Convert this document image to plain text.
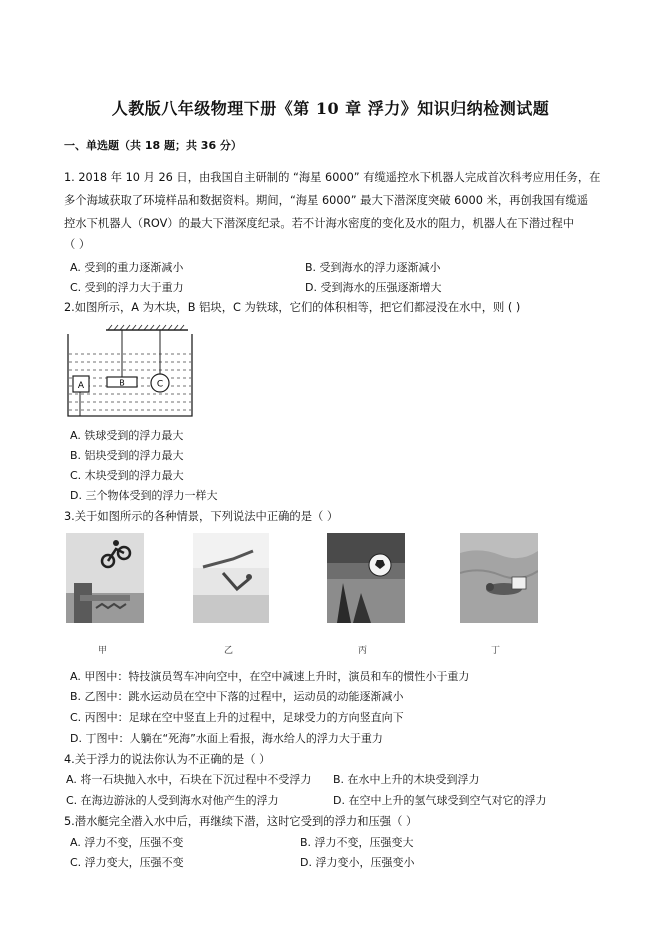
人教版八年级物理下册《第 10 章 浮力》知识归纳检测试题
一、单选题（共 18 题；共 36 分）
1. 2018 年 10 月 26 日，由我国自主研制的 “海星 6000” 有缆遥控水下机器人完成首次科考应用任务，在
多个海域获取了环境样品和数据资料。期间，“海星 6000” 最大下潜深度突破 6000 米，再创我国有缆遥
控水下机器人（ROV）的最大下潜深度纪录。若不计海水密度的变化及水的阻力，机器人在下潜过程中
（ ）
A. 受到的重力逐渐减小	B. 受到海水的浮力逐渐减小
C. 受到的浮力大于重力	D. 受到海水的压强逐渐增大
2.如图所示，A 为木块，B 铝块，C 为铁球，它们的体积相等，把它们都浸没在水中，则 ( )
A	B	C
A. 铁球受到的浮力最大
B. 铝块受到的浮力最大
C. 木块受到的浮力最大
D. 三个物体受到的浮力一样大
3.关于如图所示的各种情景，下列说法中正确的是（ ）
甲	乙	丙	丁
A. 甲图中：特技演员驾车冲向空中，在空中减速上升时，演员和车的惯性小于重力
B. 乙图中：跳水运动员在空中下落的过程中，运动员的动能逐渐减小
C. 丙图中：足球在空中竖直上升的过程中，足球受力的方向竖直向下
D. 丁图中：人躺在“死海”水面上看报，海水给人的浮力大于重力
4.关于浮力的说法你认为不正确的是（ ）
A. 将一石块抛入水中，石块在下沉过程中不受浮力 B. 在水中上升的木块受到浮力
C. 在海边游泳的人受到海水对他产生的浮力	D. 在空中上升的氢气球受到空气对它的浮力
5.潜水艇完全潜入水中后，再继续下潜，这时它受到的浮力和压强（ ）
A. 浮力不变，压强不变	B. 浮力不变，压强变大
C. 浮力变大，压强不变	D. 浮力变小，压强变小
